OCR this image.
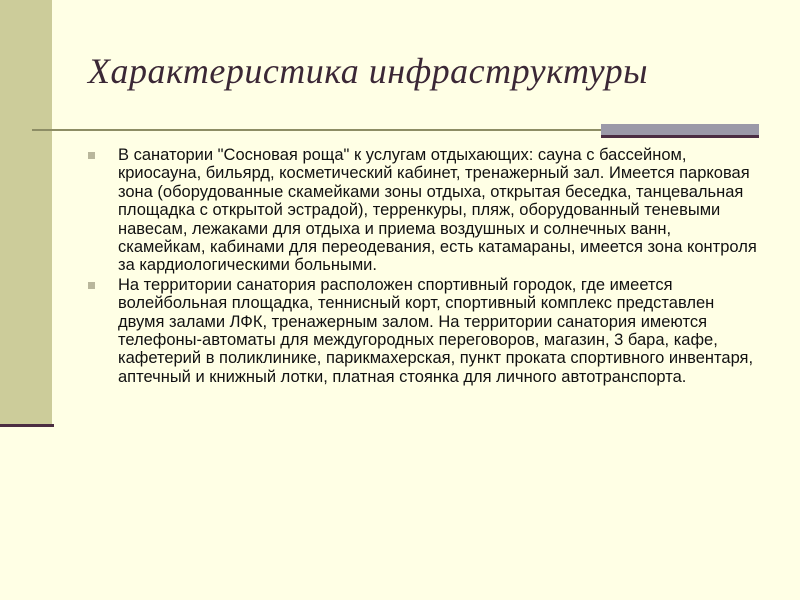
Характеристика инфраструктуры
В санатории "Сосновая роща" к услугам отдыхающих: сауна с бассейном, криосауна, бильярд, косметический кабинет, тренажерный зал. Имеется парковая зона (оборудованные скамейками зоны отдыха, открытая беседка, танцевальная площадка с открытой эстрадой), терренкуры, пляж, оборудованный теневыми навесам, лежаками для отдыха и приема воздушных и солнечных ванн, скамейкам, кабинами для переодевания, есть катамараны, имеется зона контроля за кардиологическими больными.
На территории санатория расположен спортивный городок, где имеется волейбольная площадка, теннисный корт, спортивный комплекс представлен двумя залами ЛФК, тренажерным залом. На территории санатория имеются телефоны-автоматы для междугородных переговоров, магазин, 3 бара, кафе, кафетерий в поликлинике, парикмахерская, пункт проката спортивного инвентаря, аптечный и книжный лотки, платная стоянка для личного автотранспорта.
